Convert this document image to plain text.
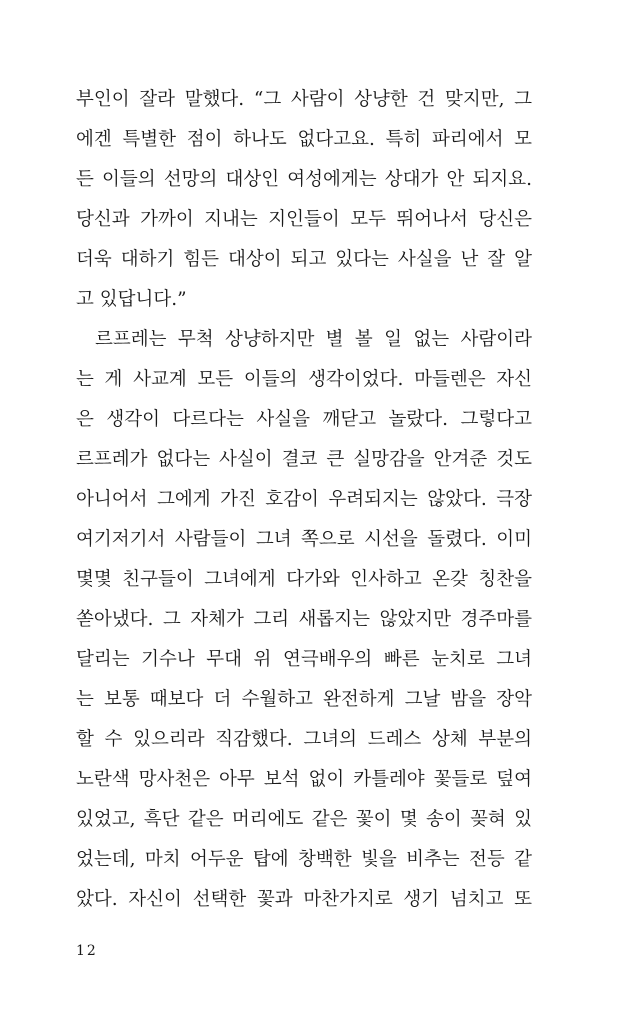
부인이 잘라 말했다. “그 사람이 상냥한 건 맞지만, 그
에겐 특별한 점이 하나도 없다고요. 특히 파리에서 모
든 이들의 선망의 대상인 여성에게는 상대가 안 되지요.
당신과 가까이 지내는 지인들이 모두 뛰어나서 당신은
더욱 대하기 힘든 대상이 되고 있다는 사실을 난 잘 알
고 있답니다.”
르프레는 무척 상냥하지만 별 볼 일 없는 사람이라
는 게 사교계 모든 이들의 생각이었다. 마들렌은 자신
은 생각이 다르다는 사실을 깨닫고 놀랐다. 그렇다고
르프레가 없다는 사실이 결코 큰 실망감을 안겨준 것도
아니어서 그에게 가진 호감이 우려되지는 않았다. 극장
여기저기서 사람들이 그녀 쪽으로 시선을 돌렸다. 이미
몇몇 친구들이 그녀에게 다가와 인사하고 온갖 칭찬을
쏟아냈다. 그 자체가 그리 새롭지는 않았지만 경주마를
달리는 기수나 무대 위 연극배우의 빠른 눈치로 그녀
는 보통 때보다 더 수월하고 완전하게 그날 밤을 장악
할 수 있으리라 직감했다. 그녀의 드레스 상체 부분의
노란색 망사천은 아무 보석 없이 카틀레야 꽃들로 덮여
있었고, 흑단 같은 머리에도 같은 꽃이 몇 송이 꽂혀 있
었는데, 마치 어두운 탑에 창백한 빛을 비추는 전등 같
았다. 자신이 선택한 꽃과 마찬가지로 생기 넘치고 또
12
